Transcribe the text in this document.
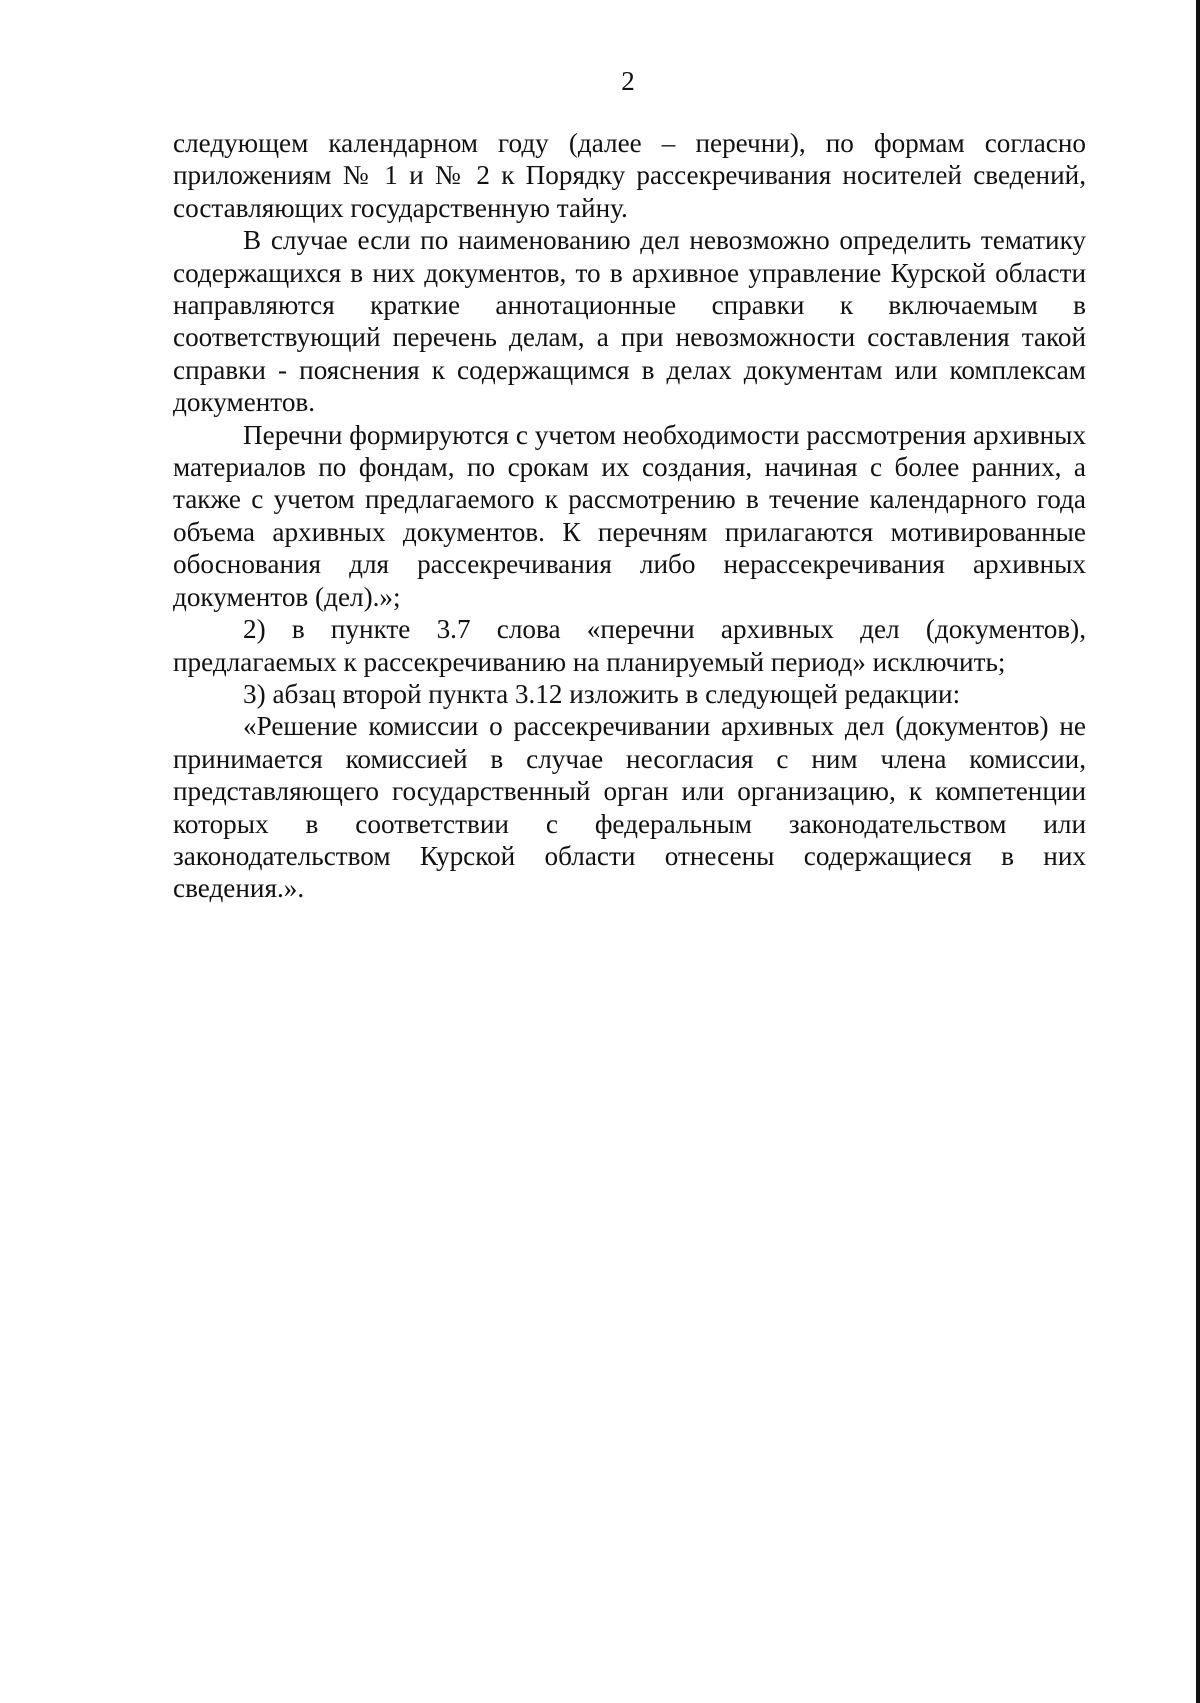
2

следующем календарном году (далее – перечни), по формам согласно приложениям № 1 и № 2 к Порядку рассекречивания носителей сведений, составляющих государственную тайну.

В случае если по наименованию дел невозможно определить тематику содержащихся в них документов, то в архивное управление Курской области направляются краткие аннотационные справки к включаемым в соответствующий перечень делам, а при невозможности составления такой справки - пояснения к содержащимся в делах документам или комплексам документов.

Перечни формируются с учетом необходимости рассмотрения архивных материалов по фондам, по срокам их создания, начиная с более ранних, а также с учетом предлагаемого к рассмотрению в течение календарного года объема архивных документов. К перечням прилагаются мотивированные обоснования для рассекречивания либо нерассекречивания архивных документов (дел).»;

2) в пункте 3.7 слова «перечни архивных дел (документов), предлагаемых к рассекречиванию на планируемый период» исключить;

3) абзац второй пункта 3.12 изложить в следующей редакции:

«Решение комиссии о рассекречивании архивных дел (документов) не принимается комиссией в случае несогласия с ним члена комиссии, представляющего государственный орган или организацию, к компетенции которых в соответствии с федеральным законодательством или законодательством Курской области отнесены содержащиеся в них сведения.».
